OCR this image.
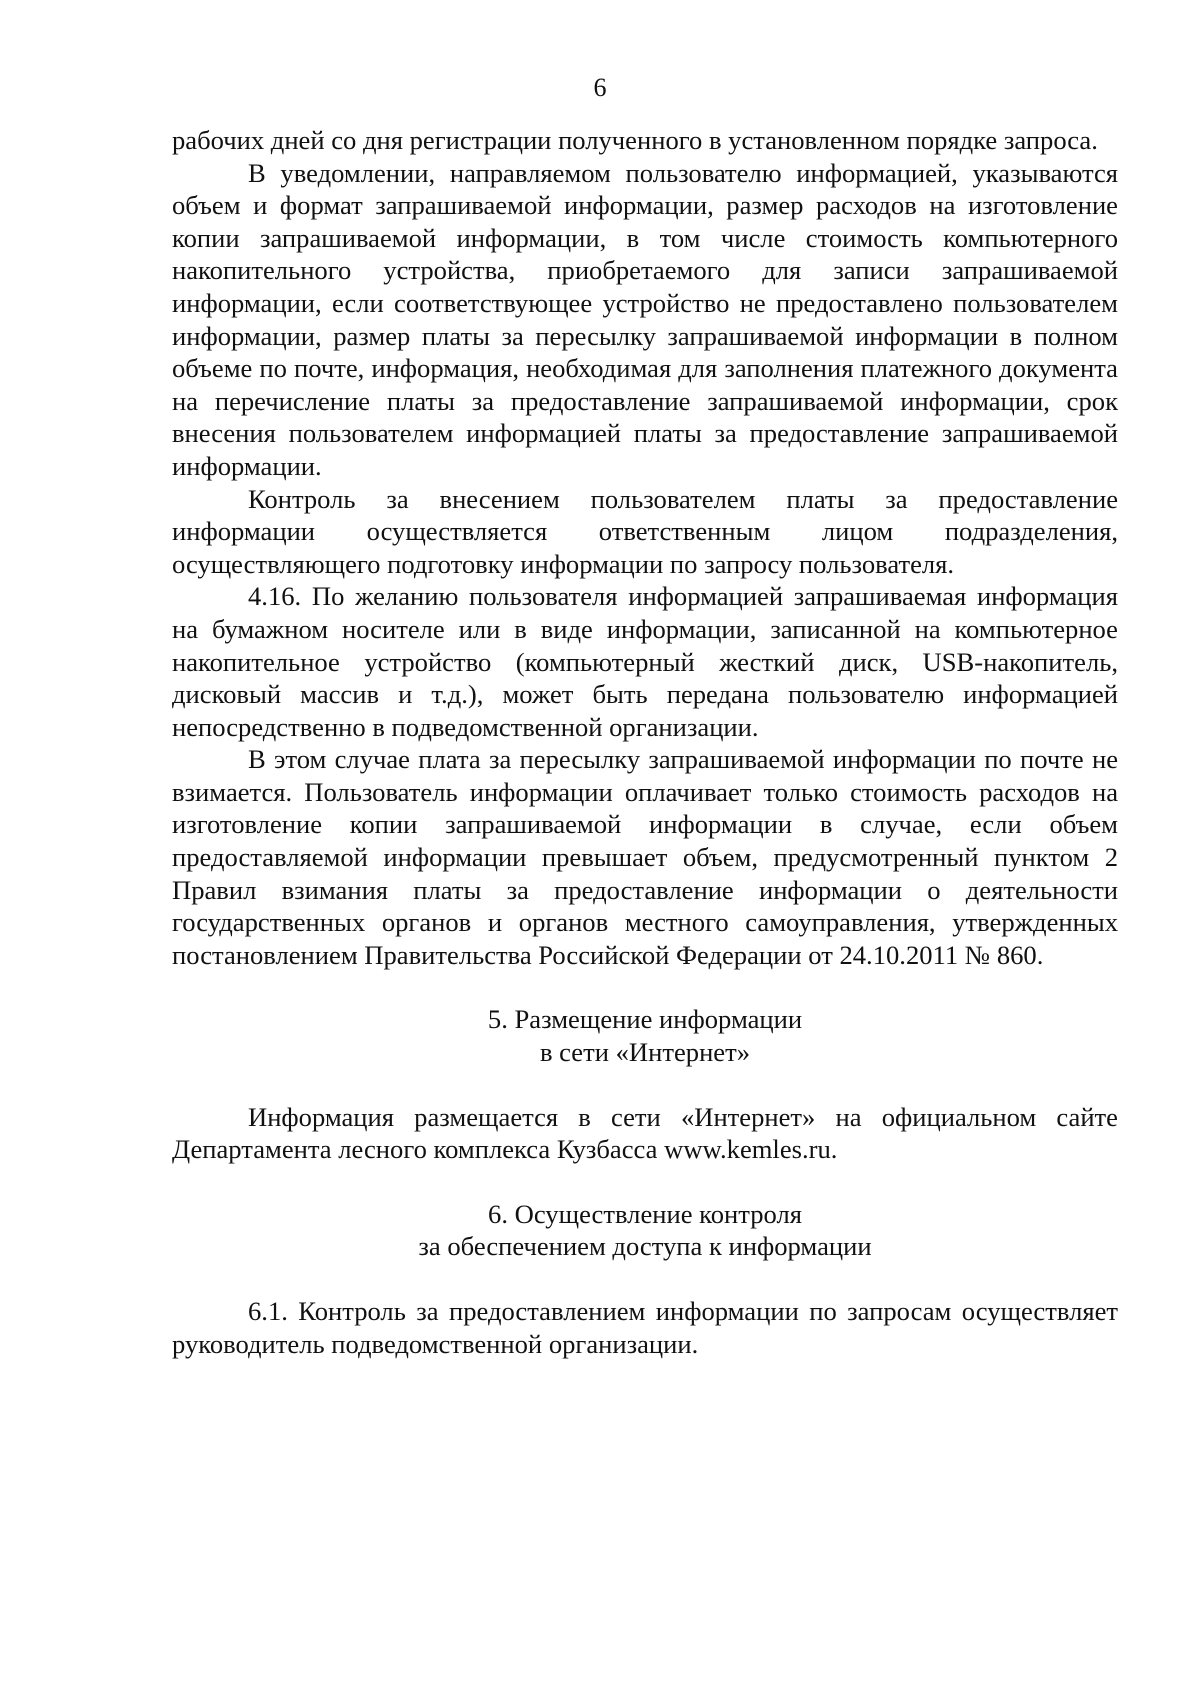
6

рабочих дней со дня регистрации полученного в установленном порядке запроса.

В уведомлении, направляемом пользователю информацией, указываются объем и формат запрашиваемой информации, размер расходов на изготовление копии запрашиваемой информации, в том числе стоимость компьютерного накопительного устройства, приобретаемого для записи запрашиваемой информации, если соответствующее устройство не предоставлено пользователем информации, размер платы за пересылку запрашиваемой информации в полном объеме по почте, информация, необходимая для заполнения платежного документа на перечисление платы за предоставление запрашиваемой информации, срок внесения пользователем информацией платы за предоставление запрашиваемой информации.

Контроль за внесением пользователем платы за предоставление информации осуществляется ответственным лицом подразделения, осуществляющего подготовку информации по запросу пользователя.

4.16. По желанию пользователя информацией запрашиваемая информация на бумажном носителе или в виде информации, записанной на компьютерное накопительное устройство (компьютерный жесткий диск, USB-накопитель, дисковый массив и т.д.), может быть передана пользователю информацией непосредственно в подведомственной организации.

В этом случае плата за пересылку запрашиваемой информации по почте не взимается. Пользователь информации оплачивает только стоимость расходов на изготовление копии запрашиваемой информации в случае, если объем предоставляемой информации превышает объем, предусмотренный пунктом 2 Правил взимания платы за предоставление информации о деятельности государственных органов и органов местного самоуправления, утвержденных постановлением Правительства Российской Федерации от 24.10.2011 № 860.

5. Размещение информации
в сети «Интернет»

Информация размещается в сети «Интернет» на официальном сайте Департамента лесного комплекса Кузбасса www.kemles.ru.

6. Осуществление контроля
за обеспечением доступа к информации

6.1. Контроль за предоставлением информации по запросам осуществляет руководитель подведомственной организации.
